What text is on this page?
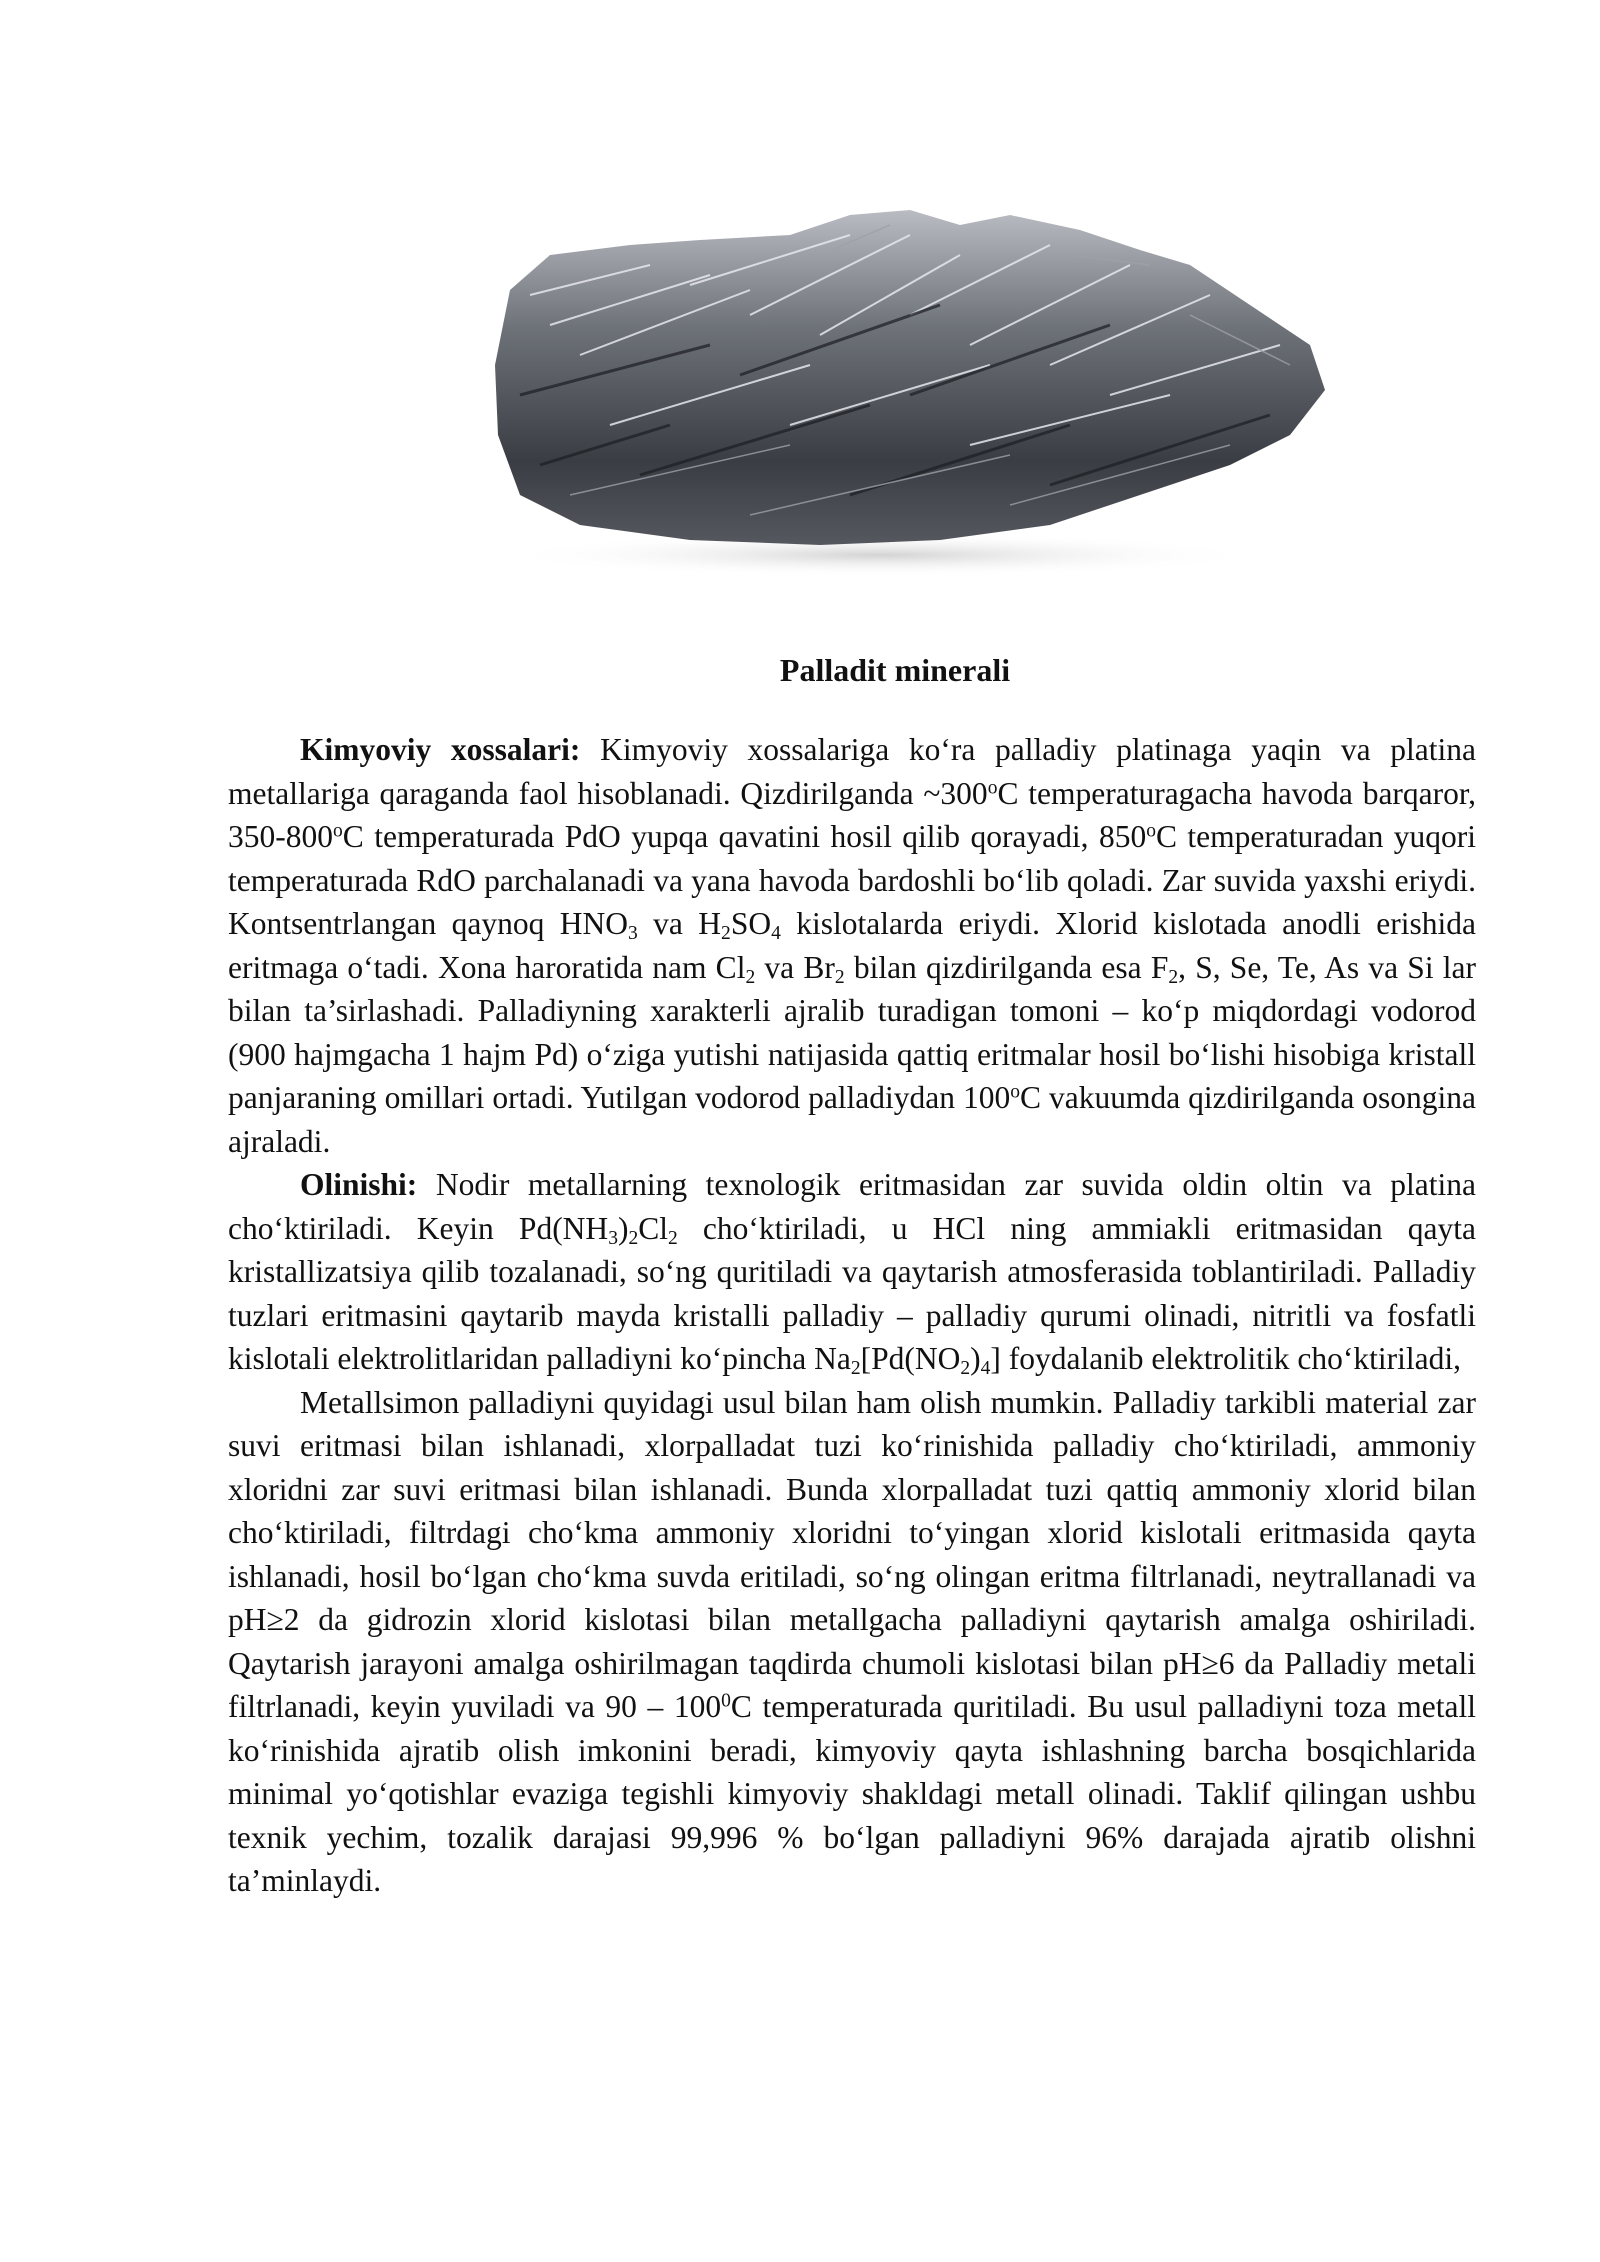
Palladit minerali

Kimyoviy xossalari: Kimyoviy xossalariga ko‘ra palladiy platinaga yaqin va platina metallariga qaraganda faol hisoblanadi. Qizdirilganda ~300$^o$C temperaturagacha havoda barqaror, 350-800$^o$C temperaturada PdO yupqa qavatini hosil qilib qorayadi, 850$^o$C temperaturadan yuqori temperaturada RdO parchalanadi va yana havoda bardoshli bo‘lib qoladi. Zar suvida yaxshi eriydi. Kontsentrlangan qaynoq $HNO_3$ va $H_2SO_4$ kislotalarda eriydi. Xlorid kislotada anodli erishida eritmaga o‘tadi. Xona haroratida nam $Cl_2$ va $Br_2$ bilan qizdirilganda esa $F_2$, S, Se, Te, As va Si lar bilan ta’sirlashadi. Palladiyning xarakterli ajralib turadigan tomoni – ko‘p miqdordagi vodorod (900 hajmgacha 1 hajm Pd) o‘ziga yutishi natijasida qattiq eritmalar hosil bo‘lishi hisobiga kristall panjaraning omillari ortadi. Yutilgan vodorod palladiydan 100$^o$C vakuumda qizdirilganda osongina ajraladi.

Olinishi: Nodir metallarning texnologik eritmasidan zar suvida oldin oltin va platina cho‘ktiriladi. Keyin $Pd(NH_3)_2Cl_2$ cho‘ktiriladi, u HCl ning ammiakli eritmasidan qayta kristallizatsiya qilib tozalanadi, so‘ng quritiladi va qaytarish atmosferasida toblantiriladi. Palladiy tuzlari eritmasini qaytarib mayda kristalli palladiy – palladiy qurumi olinadi, nitritli va fosfatli kislotali elektrolitlaridan palladiyni ko‘pincha $Na_2[Pd(NO_2)_4]$ foydalanib elektrolitik cho‘ktiriladi,

Metallsimon palladiyni quyidagi usul bilan ham olish mumkin. Palladiy tarkibli material zar suvi eritmasi bilan ishlanadi, xlorpalladat tuzi ko‘rinishida palladiy cho‘ktiriladi, ammoniy xloridni zar suvi eritmasi bilan ishlanadi. Bunda xlorpalladat tuzi qattiq ammoniy xlorid bilan cho‘ktiriladi, filtrdagi cho‘kma ammoniy xloridni to‘yingan xlorid kislotali eritmasida qayta ishlanadi, hosil bo‘lgan cho‘kma suvda eritiladi, so‘ng olingan eritma filtrlanadi, neytrallanadi va pH≥2 da gidrozin xlorid kislotasi bilan metallgacha palladiyni qaytarish amalga oshiriladi. Qaytarish jarayoni amalga oshirilmagan taqdirda chumoli kislotasi bilan pH≥6 da Palladiy metali filtrlanadi, keyin yuviladi va $90 - 100^0C$ temperaturada quritiladi. Bu usul palladiyni toza metall ko‘rinishida ajratib olish imkonini beradi, kimyoviy qayta ishlashning barcha bosqichlarida minimal yo‘qotishlar evaziga tegishli kimyoviy shakldagi metall olinadi. Taklif qilingan ushbu texnik yechim, tozalik darajasi 99,996 % bo‘lgan palladiyni 96% darajada ajratib olishni ta’minlaydi.
